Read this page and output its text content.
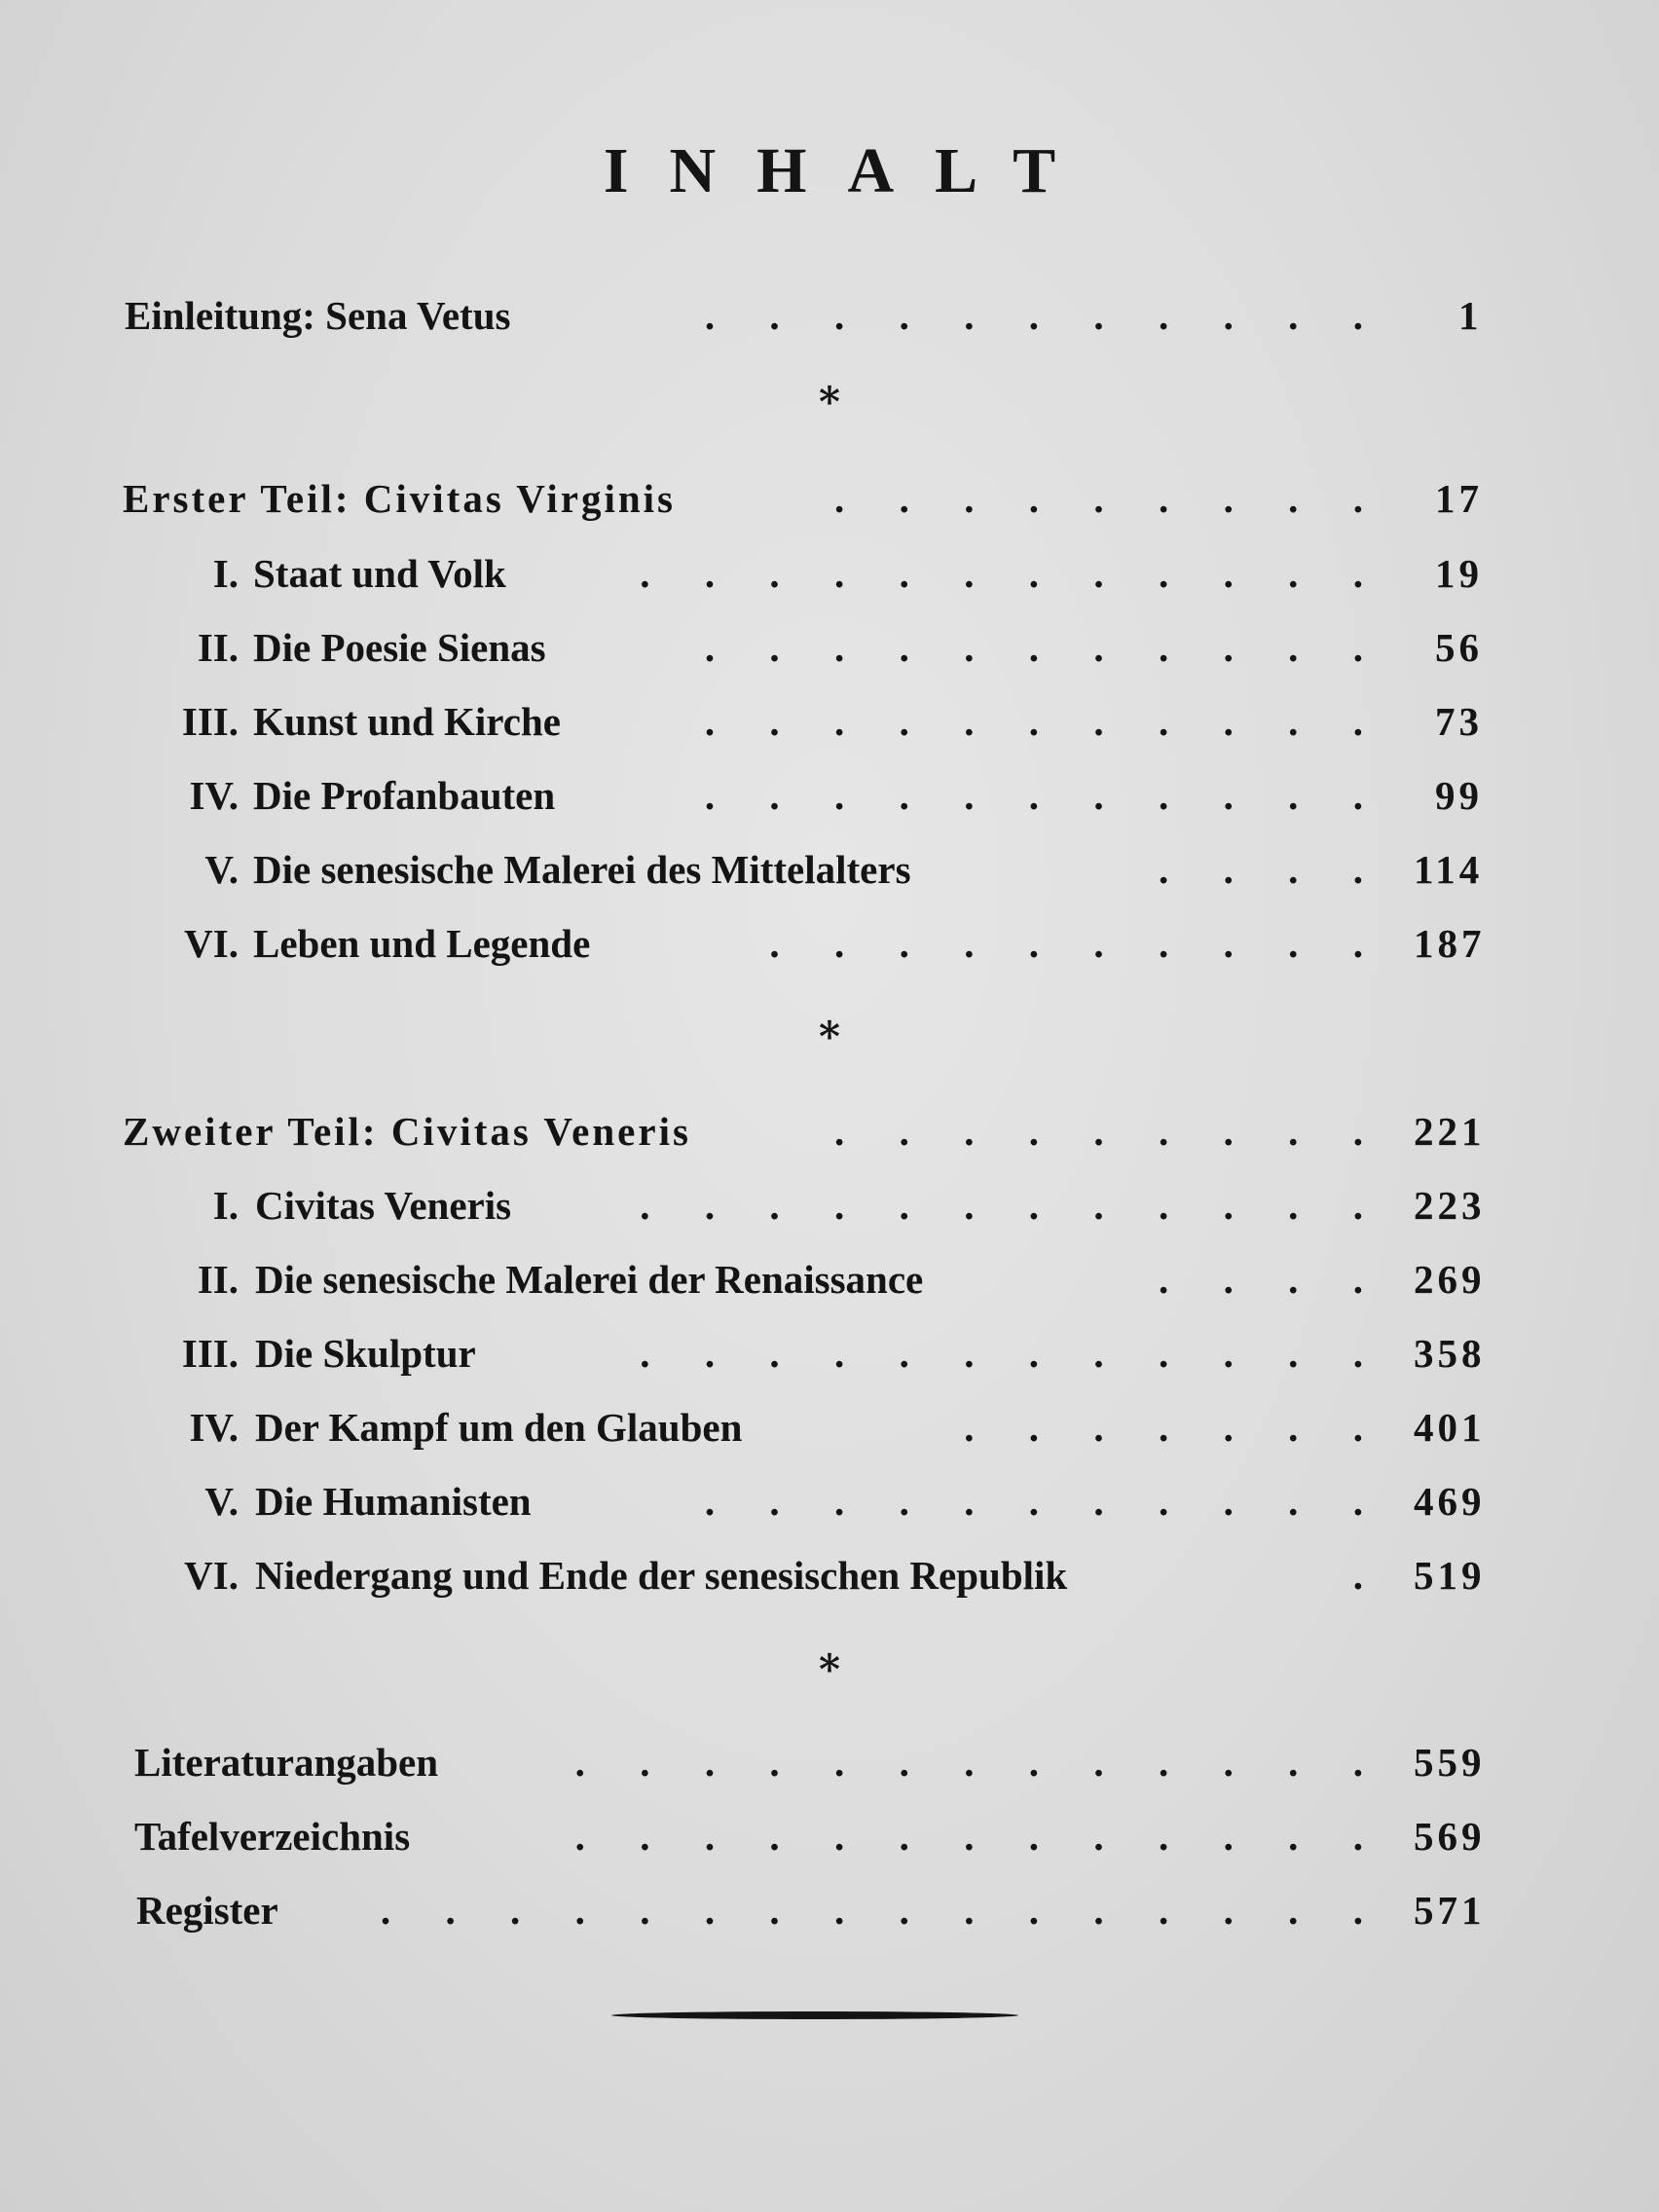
INHALT
Einleitung: Sena Vetus	. . . . . . . . . . . 1
*
Erster Teil: Civitas Virginis	. . . . . . . . . 17
I. Staat und Volk	. . . . . . . . . . . . 19
II. Die Poesie Sienas	. . . . . . . . . . . 56
III. Kunst und Kirche	. . . . . . . . . . . 73
IV. Die Profanbauten	. . . . . . . . . . . 99
V. Die senesische Malerei des Mittelalters	. . . . 114
VI. Leben und Legende	. . . . . . . . . . 187
*
Zweiter Teil: Civitas Veneris	. . . . . . . . . 221
I. Civitas Veneris	. . . . . . . . . . . . 223
II. Die senesische Malerei der Renaissance	. . . . 269
III. Die Skulptur	. . . . . . . . . . . . 358
IV. Der Kampf um den Glauben	. . . . . . . 401
V. Die Humanisten	. . . . . . . . . . . 469
VI. Niedergang und Ende der senesischen Republik	. 519
*
Literaturangaben	. . . . . . . . . . . . . 559
Tafelverzeichnis	. . . . . . . . . . . . . 569
Register	. . . . . . . . . . . . . . . . 571
